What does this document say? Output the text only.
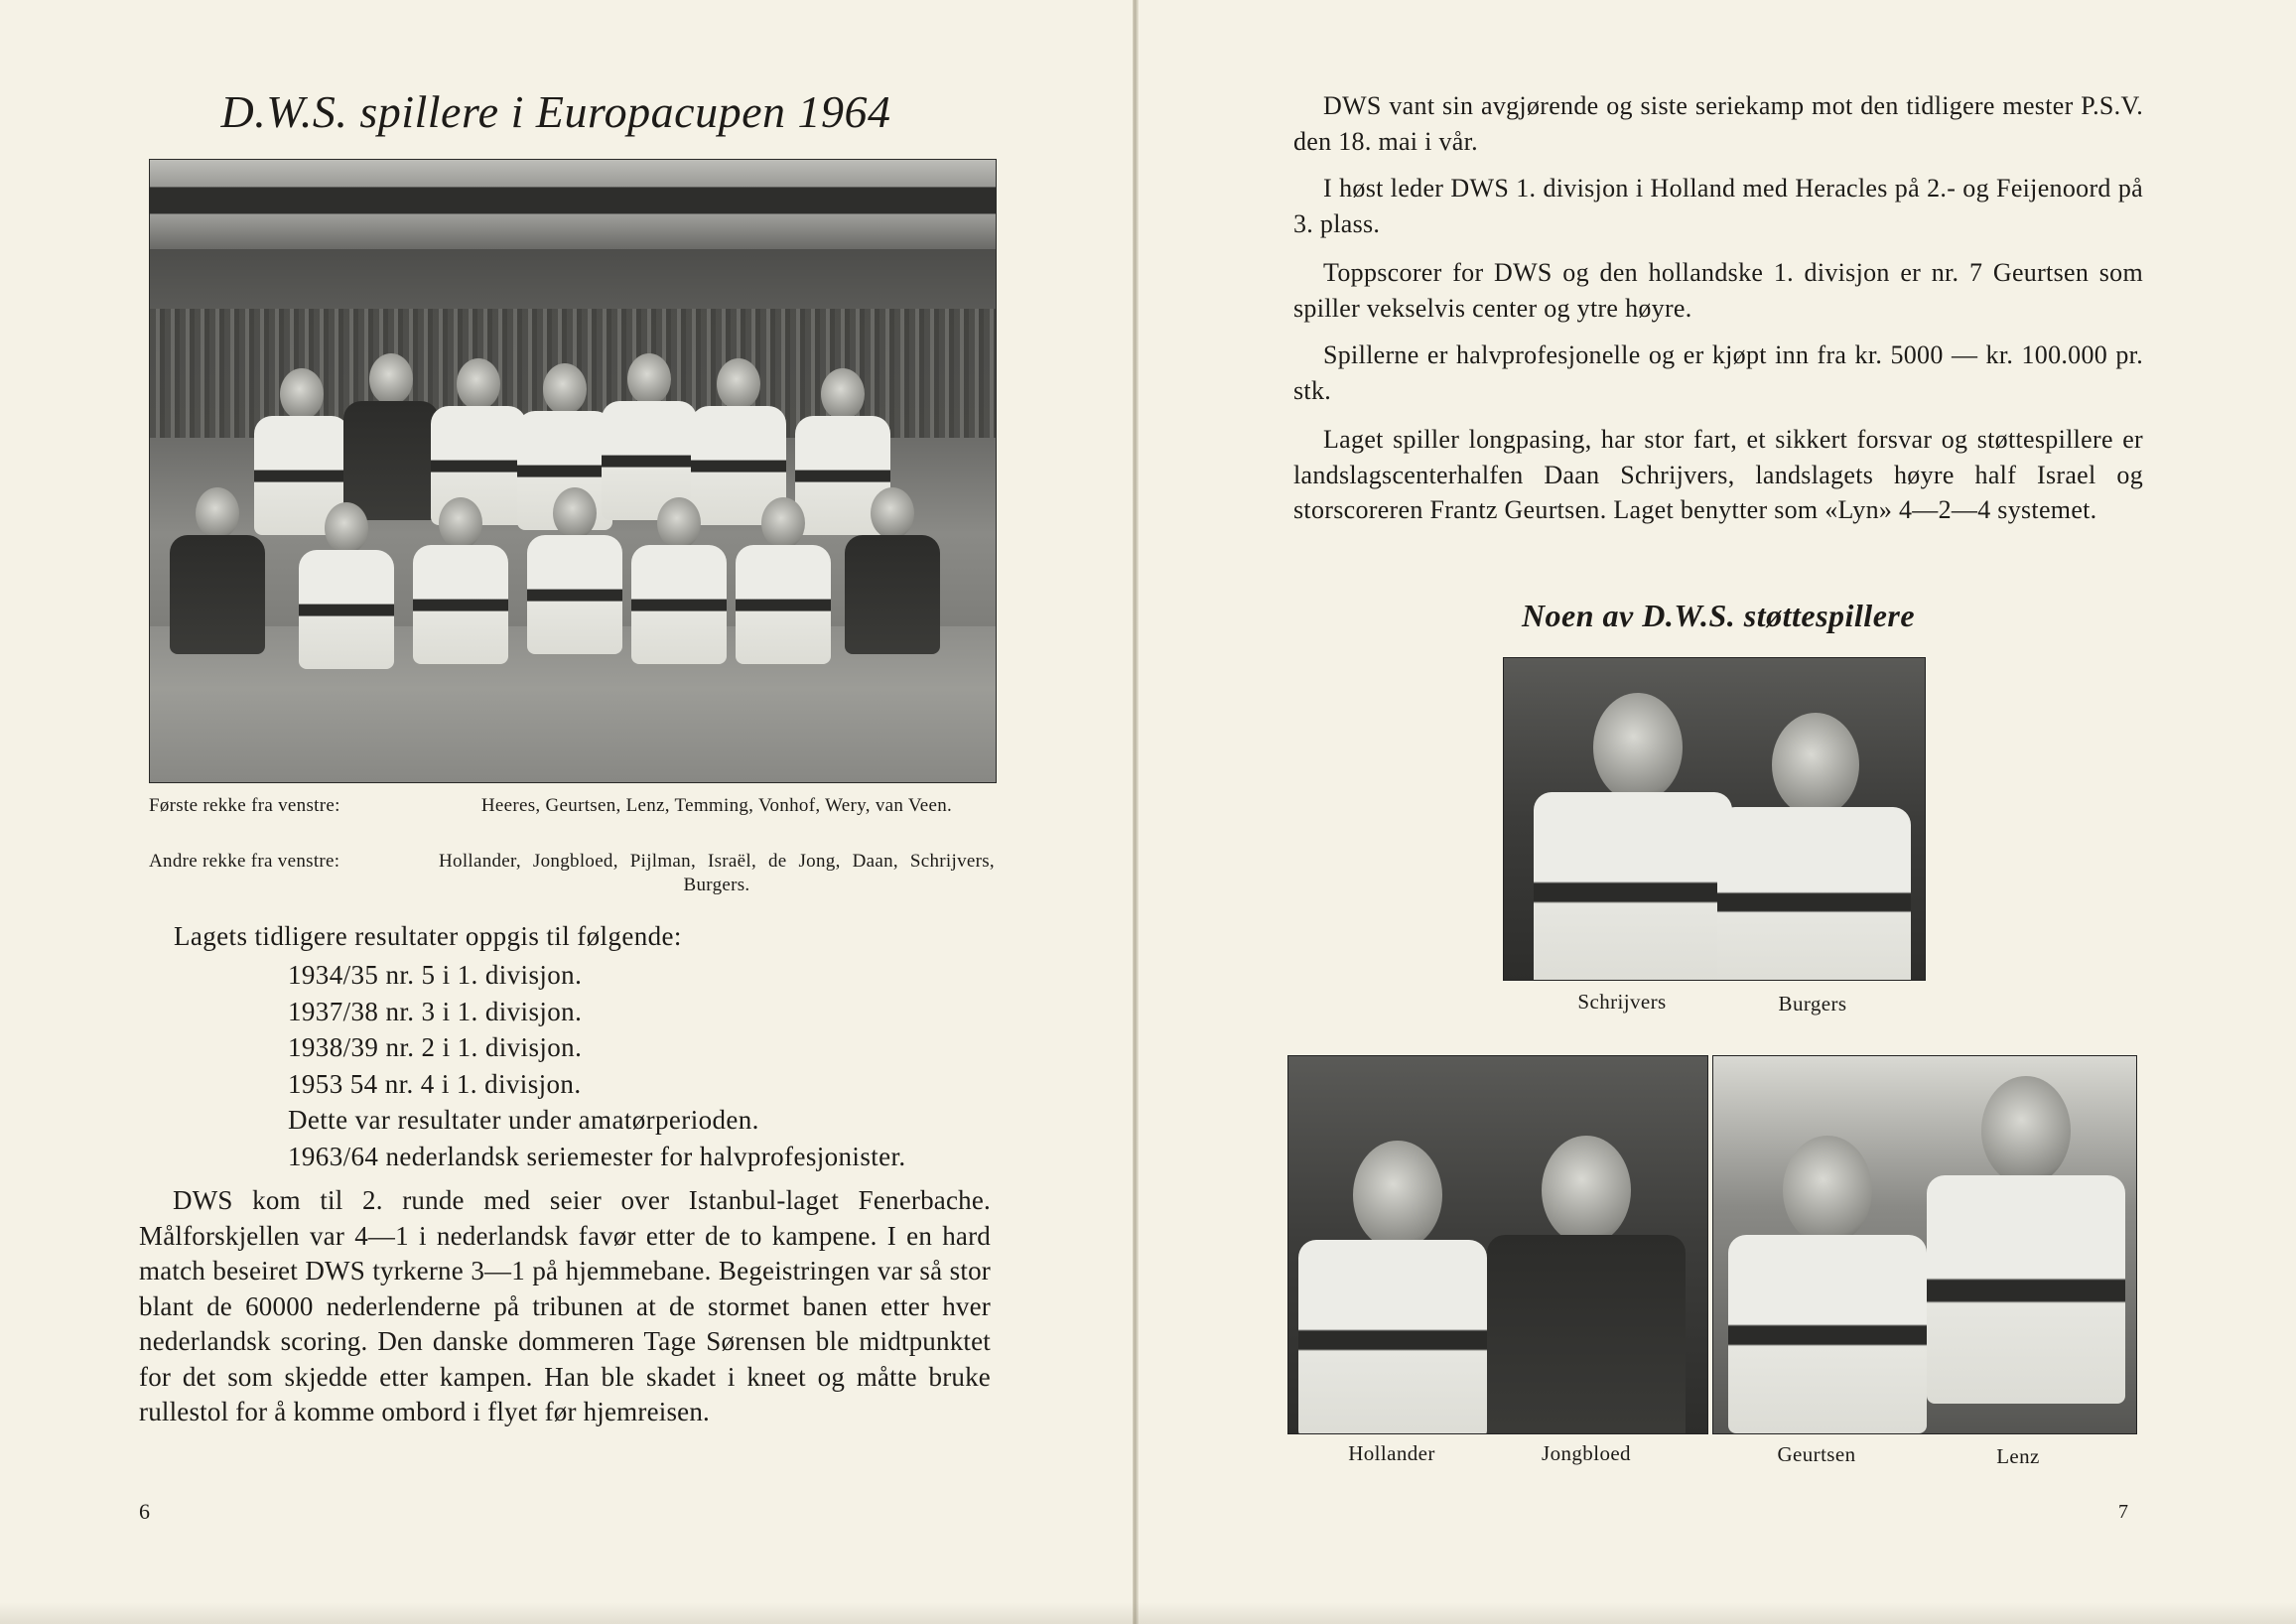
D.W.S. spillere i Europacupen 1964
Første rekke fra venstre:	Heeres, Geurtsen, Lenz, Temming, Vonhof, Wery, van Veen.
Andre rekke fra venstre:	Hollander, Jongbloed, Pijlman, Israël, de Jong, Daan, Schrijvers, Burgers.
Lagets tidligere resultater oppgis til følgende:
1934/35 nr. 5 i 1. divisjon.
1937/38 nr. 3 i 1. divisjon.
1938/39 nr. 2 i 1. divisjon.
1953 54 nr. 4 i 1. divisjon.
Dette var resultater under amatørperioden.
1963/64 nederlandsk seriemester for halvprofesjonister.

DWS kom til 2. runde med seier over Istanbul-laget Fenerbache. Målforskjellen var 4—1 i nederlandsk favør etter de to kampene. I en hard match beseiret DWS tyrkerne 3—1 på hjemmebane. Begeistringen var så stor blant de 60000 nederlenderne på tribunen at de stormet banen etter hver nederlandsk scoring. Den danske dommeren Tage Sørensen ble midtpunktet for det som skjedde etter kampen. Han ble skadet i kneet og måtte bruke rullestol for å komme ombord i flyet før hjemreisen.

6

DWS vant sin avgjørende og siste seriekamp mot den tidligere mester P.S.V. den 18. mai i vår.

I høst leder DWS 1. divisjon i Holland med Heracles på 2.- og Feijenoord på 3. plass.

Toppscorer for DWS og den hollandske 1. divisjon er nr. 7 Geurtsen som spiller vekselvis center og ytre høyre.

Spillerne er halvprofesjonelle og er kjøpt inn fra kr. 5000 — kr. 100.000 pr. stk.

Laget spiller longpasing, har stor fart, et sikkert forsvar og støttespillere er landslagscenterhalfen Daan Schrijvers, landslagets høyre half Israel og storscoreren Frantz Geurtsen. Laget benytter som «Lyn» 4—2—4 systemet.

Noen av D.W.S. støttespillere
Schrijvers	Burgers
Hollander	Jongbloed	Geurtsen	Lenz
7
